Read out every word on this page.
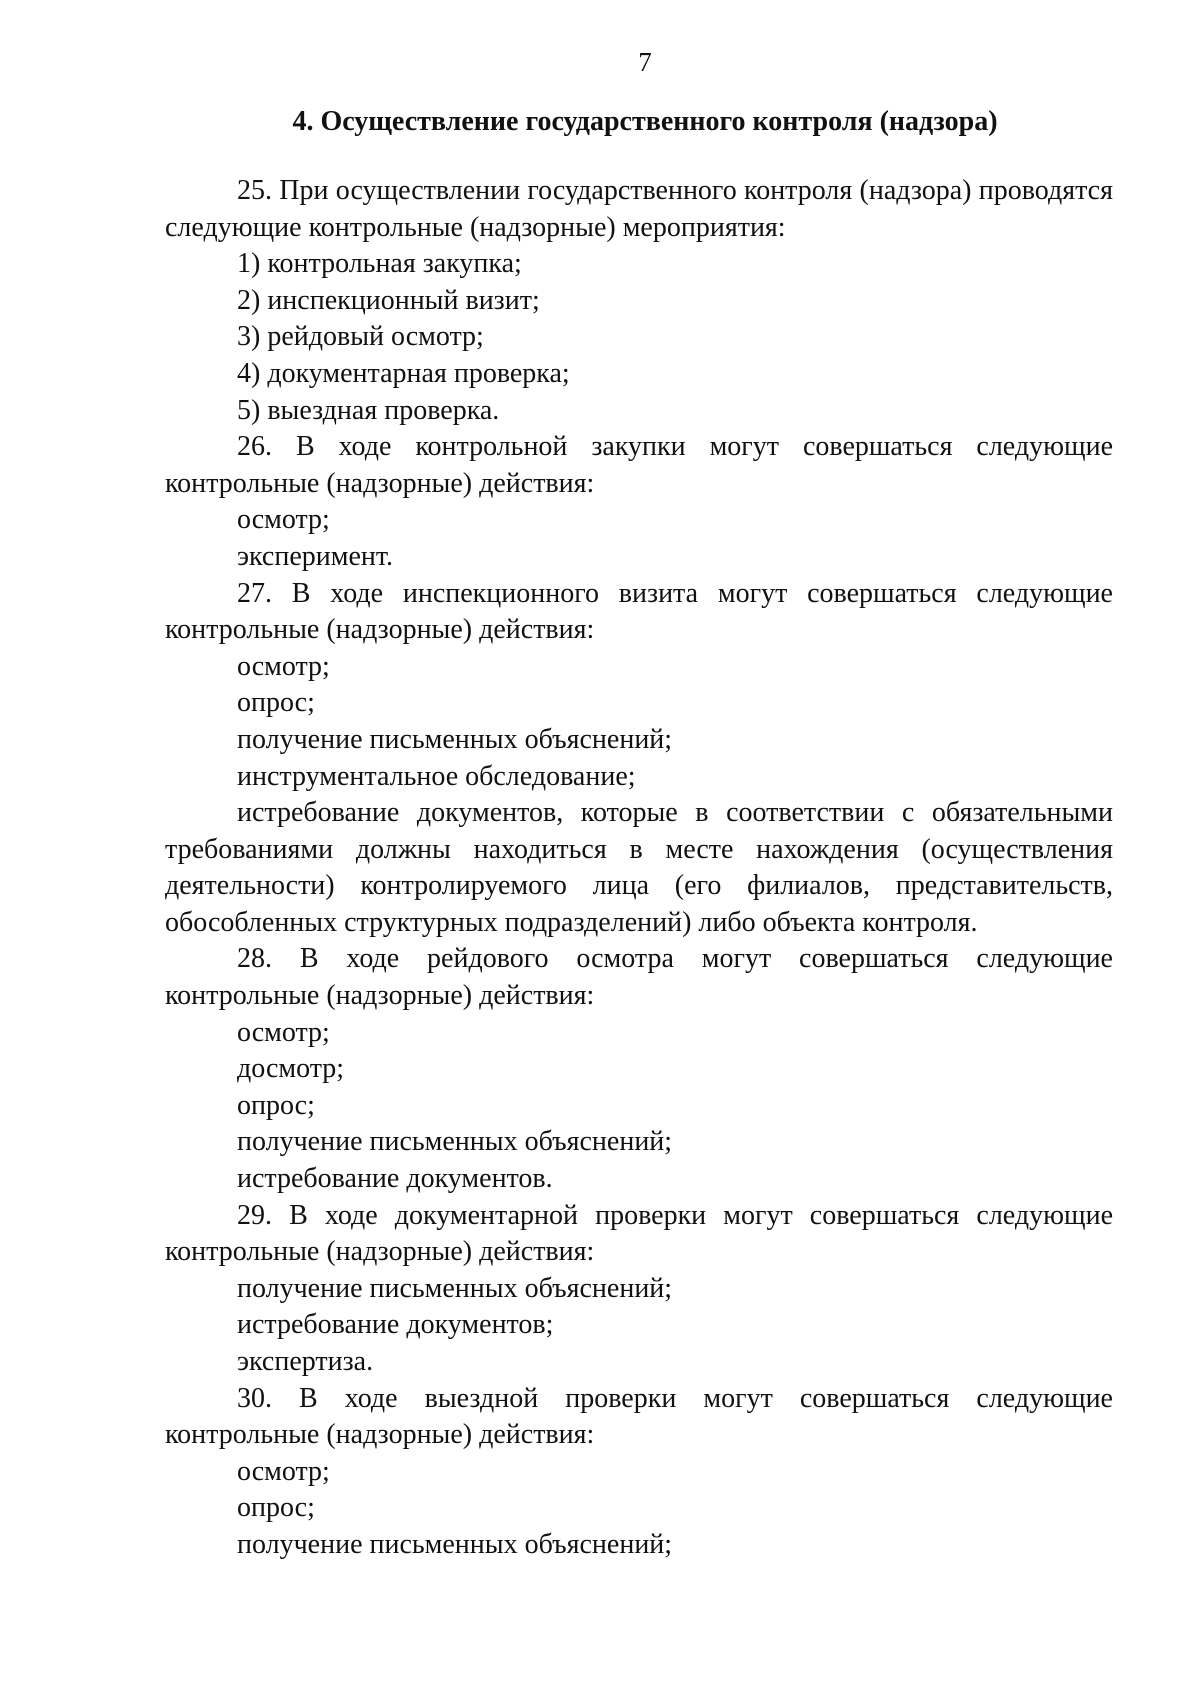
7
4. Осуществление государственного контроля (надзора)

25. При осуществлении государственного контроля (надзора) проводятся следующие контрольные (надзорные) мероприятия:

1) контрольная закупка;

2) инспекционный визит;

3) рейдовый осмотр;

4) документарная проверка;

5) выездная проверка.

26. В ходе контрольной закупки могут совершаться следующие контрольные (надзорные) действия:

осмотр;

эксперимент.

27. В ходе инспекционного визита могут совершаться следующие контрольные (надзорные) действия:

осмотр;

опрос;

получение письменных объяснений;

инструментальное обследование;

истребование документов, которые в соответствии с обязательными требованиями должны находиться в месте нахождения (осуществления деятельности) контролируемого лица (его филиалов, представительств, обособленных структурных подразделений) либо объекта контроля.

28. В ходе рейдового осмотра могут совершаться следующие контрольные (надзорные) действия:

осмотр;

досмотр;

опрос;

получение письменных объяснений;

истребование документов.

29. В ходе документарной проверки могут совершаться следующие контрольные (надзорные) действия:

получение письменных объяснений;

истребование документов;

экспертиза.

30. В ходе выездной проверки могут совершаться следующие контрольные (надзорные) действия:

осмотр;

опрос;

получение письменных объяснений;
